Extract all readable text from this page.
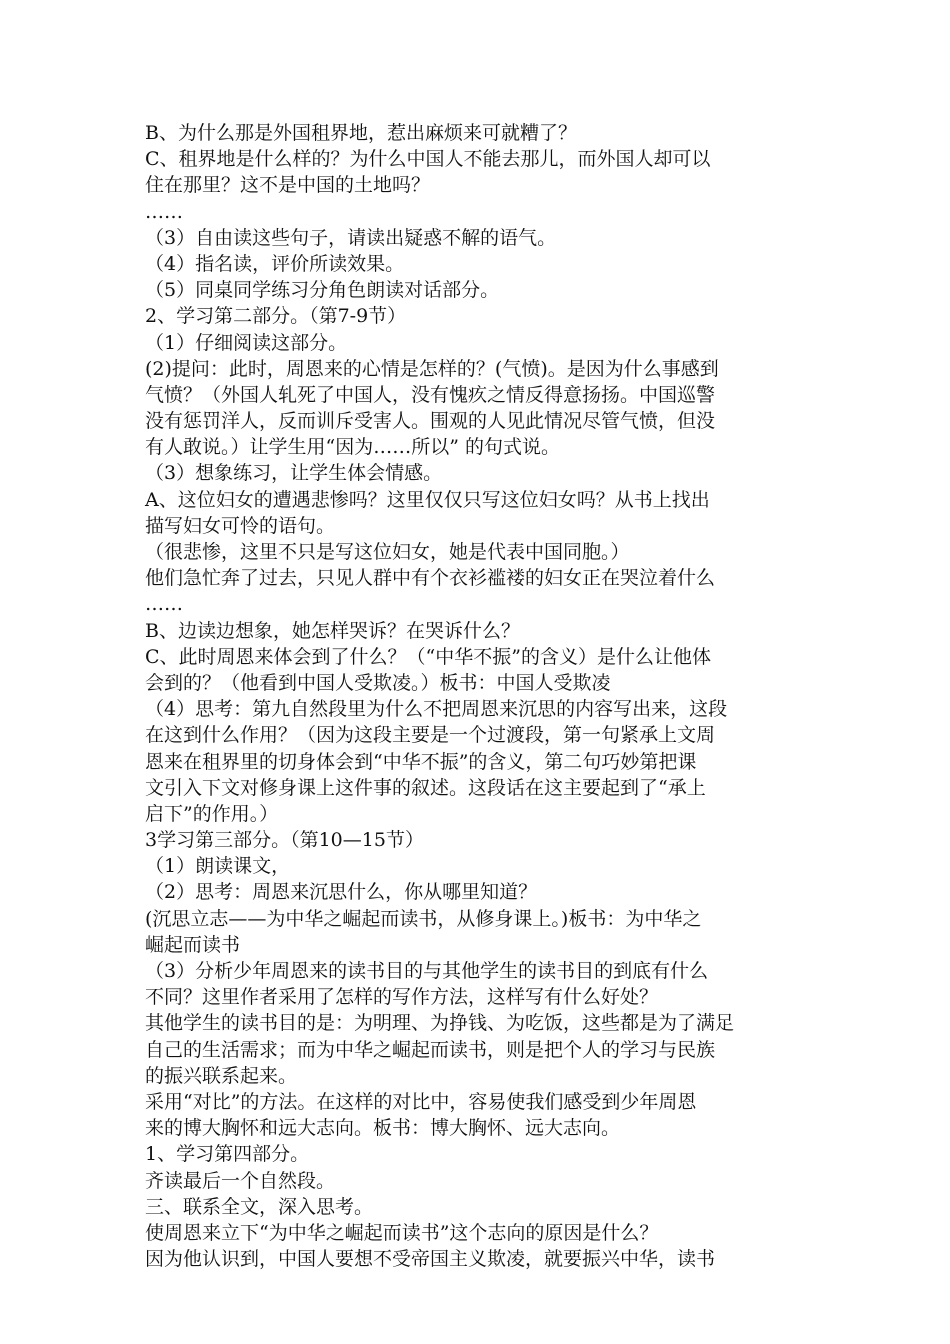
B、为什么那是外国租界地，惹出麻烦来可就糟了？
C、租界地是什么样的？为什么中国人不能去那儿，而外国人却可以
住在那里？这不是中国的土地吗？
……
（3）自由读这些句子，请读出疑惑不解的语气。
（4）指名读，评价所读效果。
（5）同桌同学练习分角色朗读对话部分。
2、学习第二部分。（第7-9节）
（1）仔细阅读这部分。
(2)提问：此时，周恩来的心情是怎样的？(气愤)。是因为什么事感到
气愤？（外国人轧死了中国人，没有愧疚之情反得意扬扬。中国巡警
没有惩罚洋人，反而训斥受害人。围观的人见此情况尽管气愤，但没
有人敢说。）让学生用“因为……所以” 的句式说。
（3）想象练习，让学生体会情感。
A、这位妇女的遭遇悲惨吗？这里仅仅只写这位妇女吗？从书上找出
描写妇女可怜的语句。
（很悲惨，这里不只是写这位妇女，她是代表中国同胞。）
他们急忙奔了过去，只见人群中有个衣衫褴褛的妇女正在哭泣着什么
……
B、边读边想象，她怎样哭诉？在哭诉什么？
C、此时周恩来体会到了什么？（“中华不振”的含义）是什么让他体
会到的？（他看到中国人受欺凌。）板书：中国人受欺凌
（4）思考：第九自然段里为什么不把周恩来沉思的内容写出来，这段
在这到什么作用？（因为这段主要是一个过渡段，第一句紧承上文周
恩来在租界里的切身体会到“中华不振”的含义，第二句巧妙第把课
文引入下文对修身课上这件事的叙述。这段话在这主要起到了“承上
启下”的作用。）
3学习第三部分。（第10—15节）
（1）朗读课文，
（2）思考：周恩来沉思什么，你从哪里知道？
(沉思立志——为中华之崛起而读书，从修身课上。)板书：为中华之
崛起而读书
（3）分析少年周恩来的读书目的与其他学生的读书目的到底有什么
不同？这里作者采用了怎样的写作方法，这样写有什么好处？
其他学生的读书目的是：为明理、为挣钱、为吃饭，这些都是为了满足
自己的生活需求；而为中华之崛起而读书，则是把个人的学习与民族
的振兴联系起来。
采用“对比”的方法。在这样的对比中，容易使我们感受到少年周恩
来的博大胸怀和远大志向。板书：博大胸怀、远大志向。
1、学习第四部分。
齐读最后一个自然段。
三、联系全文，深入思考。
使周恩来立下“为中华之崛起而读书”这个志向的原因是什么？
因为他认识到，中国人要想不受帝国主义欺凌，就要振兴中华，读书
